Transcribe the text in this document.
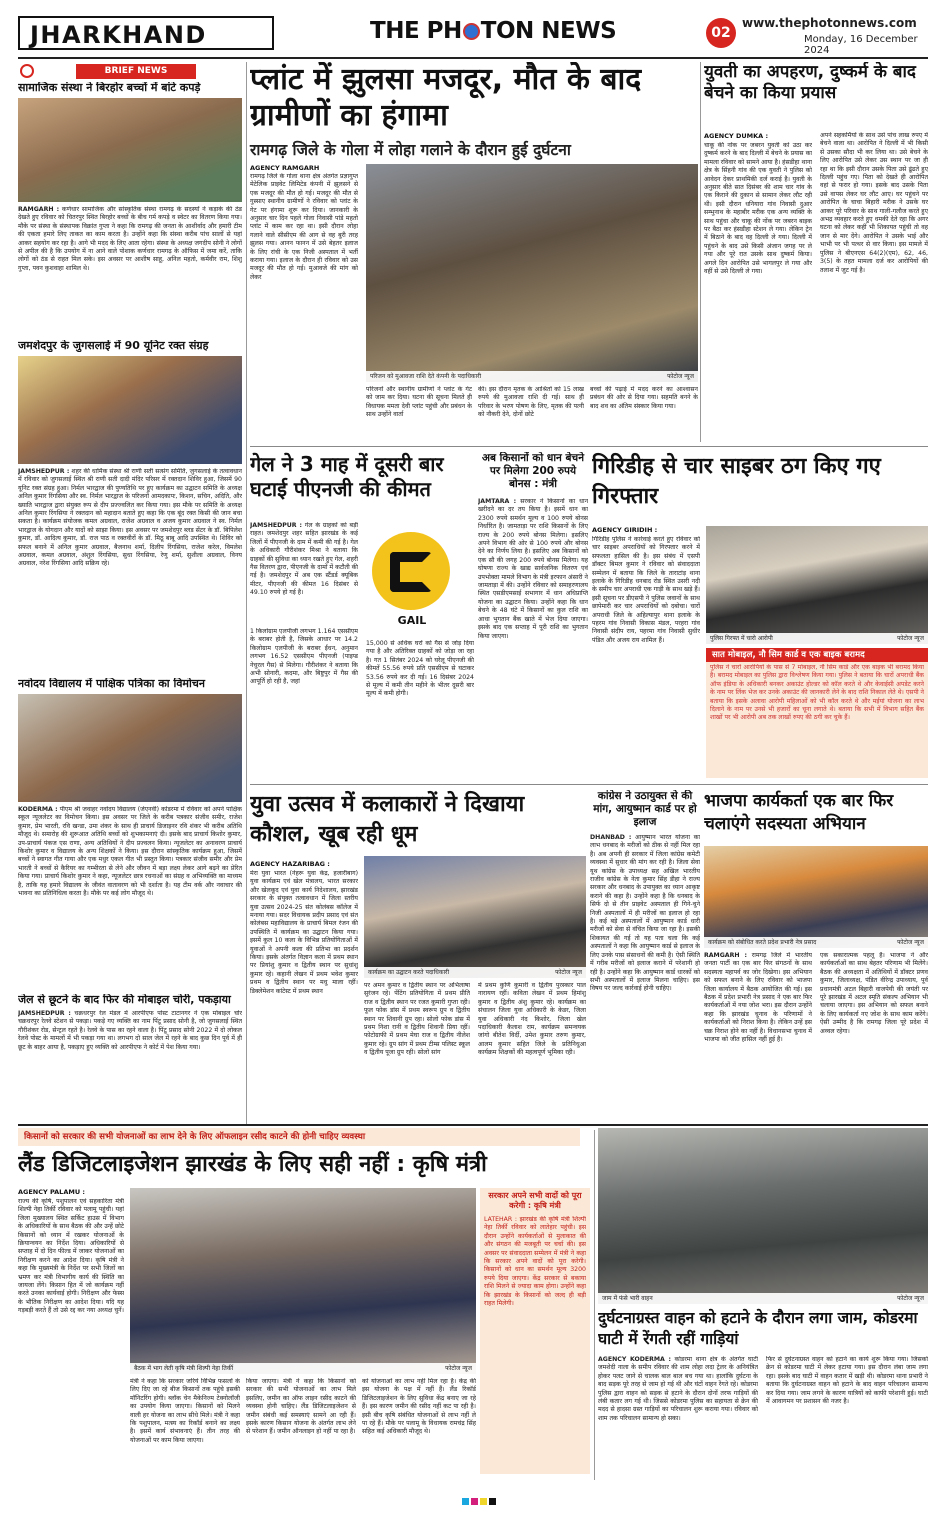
JHARKHAND	THE PH TON NEWS	02
www.thephotonnews.com
Monday, 16 December 2024
BRIEF NEWS
सामाजिक संस्था ने बिरहोर बच्चों में बांटे कपड़े
RAMGARH : कर्णधार सामाजिक और सांस्कृतिक संस्था रामगढ़ के सदस्यों ने कड़ाके की ठंड देखते हुए रविवार को चितरपुर स्थित बिरहोर बच्चों के बीच गर्म कपड़े व स्वेटर का वितरण किया गया। मौके पर संस्था के संस्थापक विक्रांत गुप्ता ने कहा कि रामगढ़ की जनता के आशीर्वाद और हमारी टीम की एकता हमारे लिए ताकत का काम करता है। उन्होंने कहा कि संस्था करीब पांच सालों से यहां आकर सहयोग कर रहा है। आगे भी मदद के लिए आता रहेगा। संस्था के अध्यक्ष जगदीप सोनी ने लोगों से अपील की है कि उपयोग में ना आने वाले पोशाक कर्णधार रामगढ़ के ऑफिस में जमा करें, ताकि लोगों को ठंड से राहत मिल सके। इस अवसर पर आशीष साहू, अनिल महतो, कर्मवीर राम, शिशु गुप्ता, पवन कुशवाहा शामिल थे।
जमशेदपुर के जुगसलाई में 90 यूनिट रक्त संग्रह
JAMSHEDPUR : शहर की धार्मिक संस्था श्री राणी सती सत्संग समिति, जुगसलाई के तत्वावधान में रविवार को जुगसलाई स्थित श्री राणी सती दादी मंदिर परिसर में रक्तदान शिविर हुआ, जिसमें 90 यूनिट रक्त संग्रह हुआ। निर्मल भारद्वाज की पुण्यतिथि पर हुए कार्यक्रम का उद्घाटन समिति के अध्यक्ष अनिल कुमार रिंगसिया और स्व. निर्मल भारद्वाज के परिजनों आमदकापः, किशन, सचिन, अदिति, और ख्याति भारद्वाज द्वारा संयुक्त रूप से दीप प्रज्ज्वलित कर किया गया। इस मौके पर समिति के अध्यक्ष अनिल कुमार रिंगसिया ने रक्तदान को महादान बताते हुए कहा कि एक बूंद रक्त किसी की जान बचा सकता है। कार्यक्रम संयोजक कमल अग्रवाल, राजेश अग्रवाल व अजय कुमार अग्रवाल ने स्व. निर्मल भारद्वाज के योगदान और यादों को साझा किया। इस अवसर पर जमशेदपुर ब्लड सेंटर के डॉ. बिपिलेश कुमार, डॉ. आदित्य कुमार, डॉ. राज पाठ व रक्तवीरों के डॉ. मिठू बाबू आदि उपस्थित थे। शिविर को सफल बनाने में अनिल कुमार अग्रवाल, बैजनाथ शर्मा, दिलीप रिंगसिया, राजेश करेल, विमलेश अग्रवाल, कमल अग्रवाल, अंशुल रिंगसिया, सुधा रिंगसिया, रेणु शर्मा, सुशीला अग्रवाल, विनय अग्रवाल, नरेश रिंगसिया आदि सक्रिय रहे।
नवोदय विद्यालय में पाक्षिक पत्रिका का विमोचन
KODERMA : पीएम श्री जवाहर नवोदय विद्यालय (जेएनवी) कोडरमा में रविवार को अपने पाक्षिक स्कूल न्यूजलेटर का विमोचन किया। इस अवसर पर जिले के करीब पत्रकार संजीव समीर, राजेश कुमार, प्रेम भारती, रवि खन्डा, उमा शंकर के साथ ही प्राचार्य डिजाइनर रवि शंकर भी करीब अतिथि मौजूद थे। समारोह की शुरूआत अतिथि बच्चों को शुभकामनाएं दी। इसके बाद प्राचार्य किशोर कुमार, उप-प्राचार्य पंकज एस राणा, अन्य अतिथियों ने दीप प्रज्वलन किया। न्यूजलेटर का अनावरण प्राचार्य किशोर कुमार व विद्यालय के अन्य शिक्षकों ने किया। इस दौरान सांस्कृतिक कार्यक्रम हुआ, जिसमें बच्चों ने स्वागत गीत गाया और एक मधुर एकल गीत भी प्रस्तुत किया। पत्रकार संजीव समीर और प्रेम भारती ने बच्चों से कैरियर का गम्भीरता से लेने और जीवन में बड़ा लक्ष्य लेकर आगे बढ़ने का प्रेरित किया गया। प्राचार्य किशोर कुमार ने कहा, न्यूजलेटर छात्र रचनाओं का संग्रह व अभिव्यक्ति का माध्यम है, ताकि यह हमारे विद्यालय के जीवंत वातावरण को भी दर्शाता है। यह टीम वर्क और नवाचार की भावना का प्रतिनिधित्व करता है। मौके पर कई लोग मौजूद थे।
जेल से छूटने के बाद फिर की मोबाइल चोरी, पकड़ाया
JAMSHEDPUR : चक्रधरपुर रेल मंडल में आरपीएफ पोस्ट टाटानगर ने एक मोबाइल चोर चक्रधरपुर रेलवे स्टेशन से पकड़ा। पकड़े गए व्यक्ति का नाम पिंटू प्रसाद सोनी है, जो जुगसलाई स्थित गौरीशंकर रोड, सेन्ट्रल रहते है। रेलवे के पास का रहने वाला है। पिंटू प्रसाद सोनी 2022 में दो लोकल रेलवे पोस्ट के मामलों में भी पकड़ा गया था। लगभग दो साल जेल में रहने के बाद कुछ दिन पूर्व में ही छूट के बाहर आया है, पकड़ाए हुए व्यक्ति को आरपीएफ ने कोर्ट में पेश किया गया।
प्लांट में झुलसा मजदूर, मौत के बाद ग्रामीणों का हंगामा
रामगढ़ जिले के गोला में लोहा गलाने के दौरान हुई दुर्घटना
AGENCY RAMGARH
रामगढ़ जिले के गोला थाना क्षेत्र अंतर्गत प्रज्ञागुप्त मेटेलिक प्राइवेट लिमिटेड कंपनी में झुलसने से एक मजदूर की मौत हो गई। मजदूर की मौत से गुस्साए स्थानीय ग्रामीणों ने रविवार को प्लांट के गेट पर हंगामा शुरू कर दिया। जानकारी के अनुसार चार दिन पहले गोला निवासी पांडे महतो प्लांट में काम कर रहा था। इसी दौरान लोहा गलाने वाले सीसीएम की आग से वह बुरी तरह झुलस गया। आनन फानन में उसे बेहतर इलाज के लिए रांची के एक निजी अस्पताल में भर्ती कराया गया। इलाज के दौरान ही रविवार को उस मजदूर की मौत हो गई। मुआवजे की मांग को लेकर
परिजन को मुआवजा राशि देते कंपनी के पदाधिकारी	फोटोज न्यूज
परिजनों और स्थानीय ग्रामीणों ने प्लांट के गेट को जाम कर दिया। घटना की सूचना मिलते ही विधायक ममता देवी प्लांट पहुंची और प्रबंधन के साथ उन्होंने वार्ता
की। इस दौरान मृतक के आश्रितों को 15 लाख रुपये की मुआवजा राशि दी गई। साथ ही परिवार के भरण पोषण के लिए, मृतक की पत्नी को नौकरी देने, दोनों छोटे
बच्चों की पढ़ाई में मदद करने का आश्वासन प्रबंधन की ओर से दिया गया। सहमति बनने के बाद शव का अंतिम संस्कार किया गया।
युवती का अपहरण, दुष्कर्म के बाद बेचने का किया प्रयास
AGENCY DUMKA :
चाकू की नोंक पर जबरन युवती को उठा कर दुष्कर्म करने के बाद दिल्ली में बेचने के प्रयास का मामला रविवार को सामने आया है। हंसडीहा थाना क्षेत्र के सिंहनी गांव की एक युवती ने पुलिस को आवेदन देकर प्राथमिकी दर्ज कराई है। युवती के अनुसार बीते सात दिसंबर की शाम चार गांव के एक किराने की दुकान से सामान लेकर लौट रही थी। इसी दौरान धनियारा गांव निवासी दुआर सम्भुनाथ के महाबीर मरीक एक अन्य व्यक्ति के साथ पहुंचा और चाकू की नोंक पर जबरन बाइक पर बैठा कर हंसडीहा स्टेशन ले गया। लेकिन ट्रेन में बिठाने के बाद वह दिल्ली ले गया। दिल्ली में पहुंचने के बाद उसे किसी अंजान जगह पर ले गया और पूरे रात उसके साथ दुष्कर्म किया। अगले दिन आरोपित उसे भागलपुर ले गया और वहीं से उसे दिल्ली ले गया।
अपने सहकर्मियों के साथ उसे पांच लाख रुपए में बेचने वाला था। आरोपित ने दिल्ली में भी किसी से उसका सौदा भी कर लिया था। उसे बेचने के लिए आरोपित उसे लेकर उस स्थान पर जा ही रहा था कि इसी दौरान उसके पिता उसे ढूंढते हुए दिल्ली पहुंच गए। पिता को देखते ही आरोपित वहां से फरार हो गया। इसके बाद उसके पिता उसे वापस लेकर घर लौट आए। घर पहुंचने पर आरोपित के चाचा बिहारी मरीक ने उसके घर आकर पूरे परिवार के साथ गाली-गलौज करते हुए अभद्र व्यवहार करते हुए धमकी देते रहा कि अगर घटना को लेकर कहीं भी शिकायत पहुंची तो वह जान से मार देंगे। आरोपित ने उसके भाई और भाभी पर भी पत्थर से वार किया। इस मामले में पुलिस ने बीएनएस 64(2)(एम), 62, 46, 3(5) के तहत मामला दर्ज कर आरोपियों की तलाश में जुट गई है।
गेल ने 3 माह में दूसरी बार घटाई पीएनजी की कीमत
JAMSHEDPUR : गेल के ग्राहकों को बड़ी राहत। जमशेदपुर शहर सहित झारखंड के कई जिलों में पीएनजी के दाम में कमी की गई है। गेल के अधिकारी गौरीशंकर मिश्रा ने बताया कि ग्राहकों की सुविधा का ध्यान रखते हुए गेल, शहरी गैस वितरण द्वारा, पीएनजी के दामों में कटौती की गई है। जमशेदपुर में अब एक स्टैंडर्ड क्यूबिक मीटर, पीएनजी की कीमत 16 दिसंबर से 49.10 रुपये हो गई है।
GAIL
1 किलोग्राम एलपीजी लगभग 1.164 एससीएम के बराबर होती है, जिसके आधार पर 14.2 किलोग्राम एलपीजी के बराबर ईंधन, अनुमान लगभग 16.52 एससीएम पीएनजी (पाइप्ड नेचुरल गैस) से मिलेगा। गौरीशंकर ने बताया कि अभी सोनारी, कदमा, और बिष्टुपुर में गैस की आपूर्ति हो रही है, जहां
15,000 से अधिक घरों को गैस से जोड़ दिया गया है और अतिरिक्त ग्राहकों को जोड़ा जा रहा है। गत 1 सितंबर 2024 को घरेलू पीएनजी की कीमतें 55.56 रुपये प्रति एससीएम से घटाकर 53.56 रुपये कर दी गई। 16 दिसंबर 2024 से मूल्य में कमी तीन महीने के भीतर दूसरी बार मूल्य में कमी होगी।
अब किसानों को धान बेचने पर मिलेगा 200 रुपये बोनस : मंत्री
JAMTARA : सरकार ने किसानों का धान खरीदने का दर तय किया है। इसमें धान का 2300 रुपये समर्थन मूल्य व 100 रुपये बोनस निर्धारित है। जामताड़ा पर राशि किसानों के लिए राज्य के 200 रुपये बोनस मिलेगा। इसलिए अपने विभाग की ओर से 100 रुपये और बोनस देने का निर्णय लिया है। इसलिए अब किसानों को एक सौ की जगह 200 रुपये बोनस मिलेगा। यह घोषणा राज्य के खाद्य सार्वजनिक वितरण एवं उपभोक्ता मामले विभाग के मंत्री इरफान अंसारी ने जामताड़ा में की। उन्होंने रविवार को समाहरणालय स्थित एसडीएमसाई सभागार में धान अधिप्राप्ति योजना का उद्घाटन किया। उन्होंने कहा कि धान बेचने के 48 घंटे में किसानों का कुल राशि का आधा भुगतान बैंक खाते में भेज दिया जाएगा। इसके बाद एक सप्ताह में पूरी राशि का भुगतान किया जाएगा।
गिरिडीह से चार साइबर ठग किए गए गिरफ्तार
AGENCY GIRIDIH :
गिरिडीह पुलिस ने कार्रवाई करते हुए रविवार को चार साइबर अपराधियों को गिरफ्तार करने में सफलता हासिल की है। इस संबंध में एसपी डॉक्टर बिमल कुमार ने रविवार को संवाददाता सम्मेलन में बताया कि जिले के ताराटांड़ थाना इलाके के गिरिडीह धनबाद रोड स्थित उसरी नदी के समीप चार अपराधी एक गाड़ी के साथ खड़े हैं। इसी सूचना पर डीएसपी ने पुलिस जवानों के साथ छापेमारी कर चार अपराधियों को दबोचा। चारों अपराधी जिले के अहिल्यापुर थाना इलाके के पहरम गांव निवासी विकास मंडल, परहरा गांव निवासी संदीप राय, पहरमा गांव निवासी सुधीर पंडित और अजय राय शामिल हैं।	पुलिस गिरफ्त में चारो आरोपी	फोटोज न्यूज
सात मोबाइल, नौ सिम कार्ड व एक बाइक बरामद
पुलिस ने चारों आरोपियों के पास से 7 मोबाइल, नौ सिम कार्ड और एक बाइक भी बरामद किया है। बरामद मोबाइल का पुलिस द्वारा विश्लेषण किया गया। पुलिस ने बताया कि चारों अपराधी बैंक ऑफ इंडिया के अधिकारी बनकर अकाउंट होल्डर को कॉल करते थे और केवाईसी अपडेट करने के नाम पर लिंक भेज कर उनके अकाउंट की जानकारी लेने के बाद राशि निकाल लेते थे। एसपी ने बताया कि इसके अलावा आरोपी महिलाओं को भी कॉल करते थे और मईयां योजना का लाभ दिलाने के नाम पर उनसे भी हजारों का चूना लगाते थे। बताया कि सभी में विभाग सहित बैंक शाखों पर भी आरोपी अब तक लाखों रुपए की ठगी कर चुके हैं।
युवा उत्सव में कलाकारों ने दिखाया कौशल, खूब रही धूम
AGENCY HAZARIBAG :
मेरा युवा भारत (नेहरू युवा केंद्र, हजारीबाग) युवा कार्यक्रम एवं खेल मंत्रालय, भारत सरकार और खेलकूद एवं युवा कार्य निदेशालय, झारखंड सरकार के संयुक्त तत्वावधान में जिला स्तरीय युवा उत्सव 2024-25 संत कोलंबस कॉलेज में मनाया गया। सदर विधायक प्रदीप प्रसाद एवं संत कोलंबस महाविद्यालय के प्राचार्य बिमल रंजन की उपस्थिति में कार्यक्रम का उद्घाटन किया गया। इसमें कुल 10 कला के विभिन्न प्रतियोगिताओं में युवाओं ने अपनी कला की प्रतिभा का प्रदर्शन किया। इसके अंतर्गत विज्ञान कला में प्रथम स्थान पर प्रियांशु कुमार व द्वितीय स्थान पर सुधांशु कुमार रहे। कहानी लेखन में प्रथम भवेश कुमार प्रथम व द्वितीय स्थान पर मधु माला रहीं। डिक्लेमेशन कांटेस्ट में प्रथम स्थान
कार्यक्रम का उद्घाटन करते पदाधिकारी	फोटोज न्यूज
पर अमन कुमार व द्वितीय स्थान पर अभिलाषा सुरंजन रहे। पेंटिंग प्रतियोगिता में प्रथम प्रीति राज व द्वितीय स्थान पर रजत कुमारी गुप्ता रही। फूल फोक डांस में प्रथम स्वरूप ग्रुप व द्वितीय स्थान पर शिवानी ग्रुप रहा। सोलो फोक डांस में प्रथम निशा रानी व द्वितीय शिवानी प्रिया रहीं। फोटोग्राफी में प्रथम मेघा राज व द्वितीय नीलेश कुमार रहे। ग्रुप सांग में प्रथम टीम्स पलिस्ट स्कूल व द्वितीय पूजा ग्रुप रही। सोलो सांग
में प्रथम कुणि कुमारी व द्वितीय पुरस्कार पाल नारायण रहीं। कविता लेखन में प्रथम हिमांशु कुमार व द्वितीय अंशु कुमार रहे। कार्यक्रम का संचालन जिला युवा अधिकारी के केडर, जिला युवा अधिकारी नंद किशोर, जिला खेल पदाधिकारी कैलाश राम, कार्यक्रम समन्वयक जांगो बीतेश विर्दी, उमेश कुमार तरुण कुमार, आलम कुमार सहित जिले के प्रतिनिधुआ कार्यक्रम शिक्षकों की महत्वपूर्ण भूमिका रही।
कांग्रेस ने उठायुक्त से की मांग, आयुष्मान कार्ड पर हो इलाज
DHANBAD : आयुष्मान भारत योजना का लाभ धनबाद के मरीजों को ठीक से नहीं मिल रहा है। अब अपनी ही सरकार में जिला कांग्रेस कमेटी व्यवस्था में सुधार की मांग कर रही है। जिला सेवा यूथ कांग्रेस के उपाध्यक्ष सह अखिल भारतीय राजीव कांग्रेस के नेता कुमार सिंह डीहा ने राज्य सरकार और धनबाद के उपायुक्त का ध्यान आकृष्ट कराने की कहा है। उन्होंने कहा है कि धनबाद के सिर्फ दो से तीन प्राइवेट अस्पताल ही गिने-चुने निजी अस्पतालों में ही मरीजों का इलाज हो रहा है। कई बड़े अस्पतालों में आयुष्मान कार्ड धारी मरीजों को सेवा से वंचित किया जा रहा है। इसकी शिकायत की गई तो यह पता चला कि कई अस्पतालों ने कहा कि आयुष्मान कार्ड से इलाज के लिए उनके पास संसाधनों की कमी है। ऐसी स्थिति में गरीब मरीजों को इलाज कराने में परेशानी हो रही है। उन्होंने कहा कि आयुष्मान कार्ड धारकों को सभी अस्पतालों में इलाज मिलना चाहिए। इस विषय पर जल्द कार्रवाई होनी चाहिए।
भाजपा कार्यकर्ता एक बार फिर चलाएंगे सदस्यता अभियान
कार्यक्रम को संबोधित करते प्रदेश प्रभारी नेत्र प्रसाद	फोटोज न्यूज
RAMGARH : रामगढ़ जिले में भारतीय जनता पार्टी का एक बार फिर संगठनों के साथ सदस्यता महापर्व का जोर दिखेगा। इस अभियान को सफल बनाने के लिए रविवार को भाजपा जिला कार्यालय में बैठक आयोजित की गई। इस बैठक में प्रदेश प्रभारी नेत्र प्रसाद ने एक बार फिर कार्यकर्ताओं में नया जोश भरा। इस दौरान उन्होंने कहा कि झारखंड चुनाव के परिणामों ने कार्यकर्ताओं को निराश किया है। लेकिन उन्हें इस चक्र निराश होने का नहीं है। विधानसभा चुनाव में भाजपा को जीत हासिल नहीं हुई है।
एक सकारात्मक पहलू है। भाजपा ने और कार्यकर्ताओं का साथ बेहतर परिणाम भी मिलेंगे। बैठक की अध्यक्षता में अतिथियों में डॉक्टर प्रणव कुमार, जिलाध्यक्ष, पंडित वीरेन्द्र उपाध्याय, पूर्व प्रधानमंत्री अटल बिहारी वाजपेयी की जयंती पर पूरे झारखंड में अटल स्मृति संकल्प अभियान भी चलाया जाएगा। इस अभियान को सफल बनाने के लिए कार्यकर्ता नए जोश के साथ काम करेंगे। ऐसी उम्मीद है कि रामगढ़ जिला पूरे प्रदेश में अव्वल रहेगा।
किसानों को सरकार की सभी योजनाओं का लाभ देने के लिए ऑफलाइन रसीद काटने की होनी चाहिए व्यवस्था
लैंड डिजिटलाइजेशन झारखंड के लिए सही नहीं : कृषि मंत्री
AGENCY PALAMU :
राज्य की कृषि, पशुपालन एवं सहकारिता मंत्री शिल्पी नेहा तिर्की रविवार को पलामू पहुंची। यहां जिला मुख्यालय स्थित सर्किट हाउस में विभाग के अधिकारियों के साथ बैठक की और उन्हें छोटे किसानों को ध्यान में रखकर योजनाओं के क्रियान्वयन का निर्देश दिया। अधिकारियों से सप्ताह में दो दिन फील्ड में जाकर योजनाओं का निरीक्षण करने का आदेश दिया। कृषि मंत्री ने कहा कि मुख्यमंत्री के निर्देश पर सभी जिलों का भ्रमण कर मंत्री विभागीय कार्य की स्थिति का जायजा लेंगे। किसान हित में जो कार्यक्रम नहीं करते उनका कार्यवाई होगी। निरीक्षण और फेस्स के भौतिक निरीक्षण का आदेश दिया। यदि यह गड़बड़ी करते हैं तो उसे रद्द कर नया अध्यक्ष चुनें।
बैठक में भाग लेती कृषि मंत्री शिल्पी नेहा तिर्की	फोटोज न्यूज
मंत्री ने कहा कि सरकार जरिये विभिन्न फसलों के लिए दिए जा रहे बीज किसानों तक पहुंचे इसकी मॉनिटरिंग होगी। ब्लॉक चेन मैकेनिज्म टेक्नोलॉजी का उपयोग किया जाएगा। किसानों को मिलने वाली हर योजना का लाभ सीधे मिले। मंत्री ने कहा कि पशुपालन, मत्स्य का रिकॉर्ड बनाने का लक्ष्य है। इसमें कार्य संभावनाएं हैं। तीन तरह की योजनाओं पर काम किया जाएगा।
किया जाएगा। मंत्री ने कहा कि किसानों को सरकार की सभी योजनाओं का लाभ मिले इसलिए, जमीन का ऑफ लाइन रसीद काटने की व्यवस्था होनी चाहिए। लैंड डिजिटलाइजेशन से जमीन संबंधी कई समस्याएं सामने आ रही हैं। इसके कारण किसान योजना के अंतर्गत लाभ लेने से परेशान हैं। जमीन ऑनलाइन हो नहीं पा रहा है।
को योजनाओं का लाभ नहीं मिल रहा है। केंद्र की इस योजना के पक्ष में नहीं हैं। लैंड रिकॉर्ड डिजिटलाइजेशन के लिए सुविधा केंद्र बनाए जा रहे हैं। इस कारण जमीन की रसीद नहीं कट पा रही है। इसी बीच कृषि संबंधित योजनाओं से लाभ नहीं ले पा रहे हैं। मौके पर पलामू के विधायक रामचंद्र सिंह सहित कई अधिकारी मौजूद थे।
सरकार अपने सभी वादों को पूरा करेगी : कृषि मंत्री
LATEHAR : झारखंड की कृषि मंत्री शिल्पी नेहा तिर्की रविवार को लातेहार पहुंची। इस दौरान उन्होंने कार्यकर्ताओं से मुलाकात की और संगठन की मजबूती पर चर्चा की। इस अवसर पर संवाददाता सम्मेलन में मंत्री ने कहा कि सरकार अपने वादों को पूरा करेगी। किसानों को धान का समर्थन मूल्य 3200 रुपये दिया जाएगा। केंद्र सरकार से बकाया राशि मिलने से ज्यादा काम होगा। उन्होंने कहा कि झारखंड के किसानों को जल्द ही बड़ी राहत मिलेगी।
जाम में फंसे भारी वाहन	फोटोज न्यूज
दुर्घटनाग्रस्त वाहन को हटाने के दौरान लगा जाम, कोडरमा घाटी में रेंगती रहीं गाड़ियां
AGENCY KODERMA : कोडरमा थाना क्षेत्र के अंतर्गत घाटी जमशेदी नाला के समीप रविवार की शाम लोहा लदा ट्रेलर के अनियंत्रित होकर पलट जाने से चालक बाल बाल बच गया था। हालांकि दुर्घटना के बाद सड़क पूरे तरह से जाम हो गई थी और घंटों वाहन रेंगते रहे। कोडरमा पुलिस द्वारा वाहन को सड़क से हटाने के दौरान दोनों तरफ गाड़ियों की लंबी कतार लग गई थी। जिससे कोडरमा पुलिस का सहायता से क्रेन की मदद से हादसा ग्रस्त गाड़ियों का परिचालन शुरू कराया गया। रविवार को शाम तक परिचालन सामान्य हो सका।
फिर से दुर्घटनाग्रस्त वाहन को हटाने का कार्य शुरू किया गया। जिसको क्रेन से कोडरमा घाटी में लेकर हटाया गया। इस दौरान लंबा जाम लगा रहा। इसके बाद घाटी में वाहन कतार में खड़ी थी। कोडरमा थाना प्रभारी ने बताया कि दुर्घटनाग्रस्त वाहन को हटाने के बाद वाहन परिचालन सामान्य कर दिया गया। जाम लगने के कारण यात्रियों को काफी परेशानी हुई। घाटी में आवागमन पर प्रशासन की नजर है।
